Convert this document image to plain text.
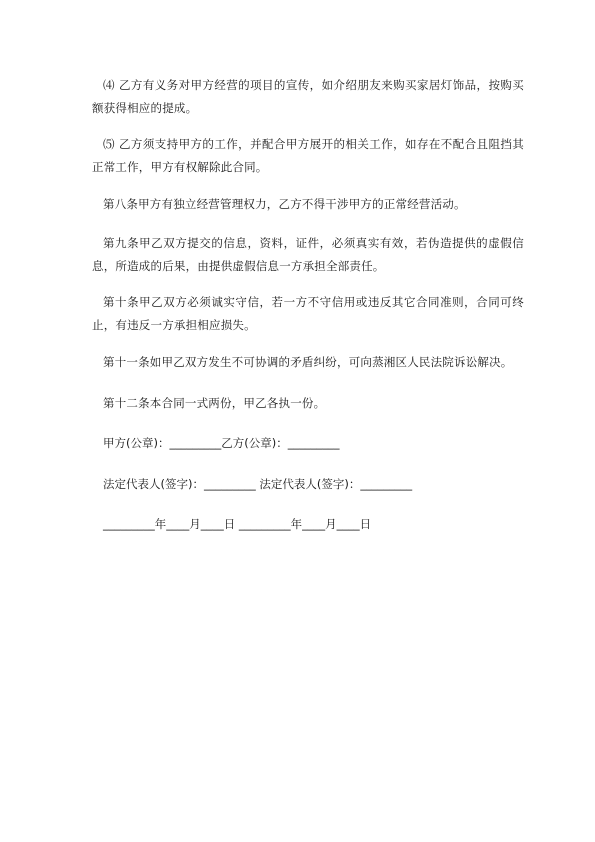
⑷ 乙方有义务对甲方经营的项目的宣传，如介绍朋友来购买家居灯饰品，按购买额获得相应的提成。

⑸ 乙方须支持甲方的工作，并配合甲方展开的相关工作，如存在不配合且阻挡其正常工作，甲方有权解除此合同。

第八条甲方有独立经营管理权力，乙方不得干涉甲方的正常经营活动。

第九条甲乙双方提交的信息，资料，证件，必须真实有效，若伪造提供的虚假信息，所造成的后果，由提供虚假信息一方承担全部责任。

第十条甲乙双方必须诚实守信，若一方不守信用或违反其它合同准则，合同可终止，有违反一方承担相应损失。

第十一条如甲乙双方发生不可协调的矛盾纠纷，可向蒸湘区人民法院诉讼解决。

第十二条本合同一式两份，甲乙各执一份。

甲方(公章)：_________乙方(公章)：_________

法定代表人(签字)：_________ 法定代表人(签字)：_________

_________年____月____日 _________年____月____日
